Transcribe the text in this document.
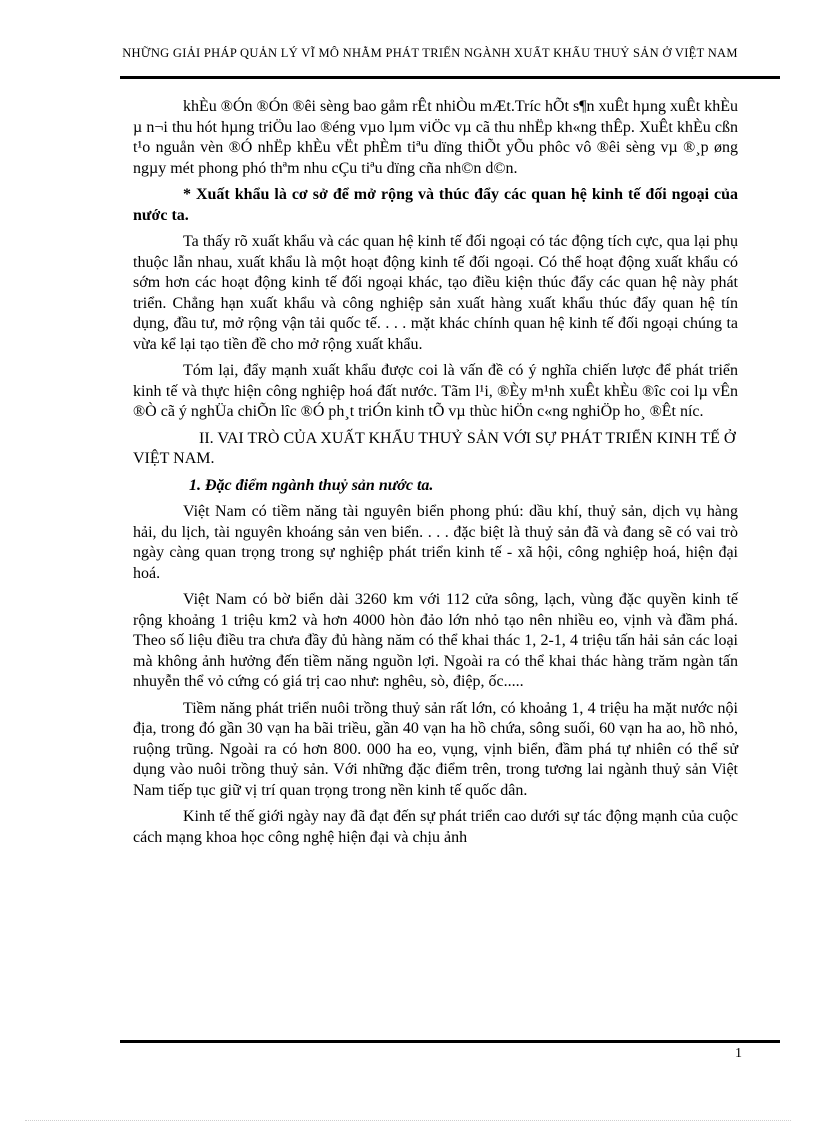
NHỮNG GIẢI PHÁP QUẢN LÝ VĨ MÔ NHẰM PHÁT TRIỂN NGÀNH XUẤT KHẨU THUỶ SẢN Ở VIỆT NAM

khÈu ®Ón ®Ón ®êi sèng bao gåm rÊt nhiÒu mÆt.Tríc hÕt s¶n xuÊt hµng xuÊt khÈu µ n¬i thu hót hµng triÖu lao ®éng vµo lµm viÖc vµ cã thu nhËp kh«ng thÊp. XuÊt khÈu cßn t¹o nguån vèn ®Ó nhËp khÈu vËt phÈm tiªu dïng thiÕt yÕu phôc vô ®êi sèng vµ ®¸p øng ngµy mét phong phó thªm nhu cÇu tiªu dïng cña nh©n d©n.

* Xuất khẩu là cơ sở để mở rộng và thúc đẩy các quan hệ kinh tế đối ngoại của nước ta.

Ta thấy rõ xuất khẩu và các quan hệ kinh tế đối ngoại có tác động tích cực, qua lại phụ thuộc lẫn nhau, xuất khẩu là một hoạt động kinh tế đối ngoại. Có thể hoạt động xuất khẩu có sớm hơn các hoạt động kinh tế đối ngoại khác, tạo điều kiện thúc đẩy các quan hệ này phát triển. Chẳng hạn xuất khẩu và công nghiệp sản xuất hàng xuất khẩu thúc đẩy quan hệ tín dụng, đầu tư, mở rộng vận tải quốc tế. . . . mặt khác chính quan hệ kinh tế đối ngoại chúng ta vừa kể lại tạo tiền đề cho mở rộng xuất khẩu.

Tóm lại, đẩy mạnh xuất khẩu được coi là vấn đề có ý nghĩa chiến lược để phát triển kinh tế và thực hiện công nghiệp hoá đất nước. Tãm l¹i, ®Èy m¹nh xuÊt khÈu ®îc coi lµ vÊn ®Ò cã ý nghÜa chiÕn lîc ®Ó ph¸t triÓn kinh tÕ vµ thùc hiÖn c«ng nghiÖp ho¸ ®Êt níc.

II. VAI TRÒ CỦA XUẤT KHẨU THUỶ SẢN VỚI SỰ PHÁT TRIỂN KINH TẾ Ở VIỆT NAM.

1. Đặc điểm ngành thuỷ sản nước ta.

Việt Nam có tiềm năng tài nguyên biển phong phú: dầu khí, thuỷ sản, dịch vụ hàng hải, du lịch, tài nguyên khoáng sản ven biển. . . . đặc biệt là thuỷ sản đã và đang sẽ có vai trò ngày càng quan trọng trong sự nghiệp phát triển kinh tế - xã hội, công nghiệp hoá, hiện đại hoá.

Việt Nam có bờ biển dài 3260 km với 112 cửa sông, lạch, vùng đặc quyền kinh tế rộng khoảng 1 triệu km2 và hơn 4000 hòn đảo lớn nhỏ tạo nên nhiều eo, vịnh và đầm phá. Theo số liệu điều tra chưa đầy đủ hàng năm có thể khai thác 1, 2-1, 4 triệu tấn hải sản các loại mà không ảnh hưởng đến tiềm năng nguồn lợi. Ngoài ra có thể khai thác hàng trăm ngàn tấn nhuyễn thể vỏ cứng có giá trị cao như: nghêu, sò, điệp, ốc.....

Tiềm năng phát triển nuôi trồng thuỷ sản rất lớn, có khoảng 1, 4 triệu ha mặt nước nội địa, trong đó gần 30 vạn ha bãi triều, gần 40 vạn ha hồ chứa, sông suối, 60 vạn ha ao, hồ nhỏ, ruộng trũng. Ngoài ra có hơn 800. 000 ha eo, vụng, vịnh biển, đầm phá tự nhiên có thể sử dụng vào nuôi trồng thuỷ sản. Với những đặc điểm trên, trong tương lai ngành thuỷ sản Việt Nam tiếp tục giữ vị trí quan trọng trong nền kinh tế quốc dân.

Kinh tế thế giới ngày nay đã đạt đến sự phát triển cao dưới sự tác động mạnh của cuộc cách mạng khoa học công nghệ hiện đại và chịu ảnh

1
